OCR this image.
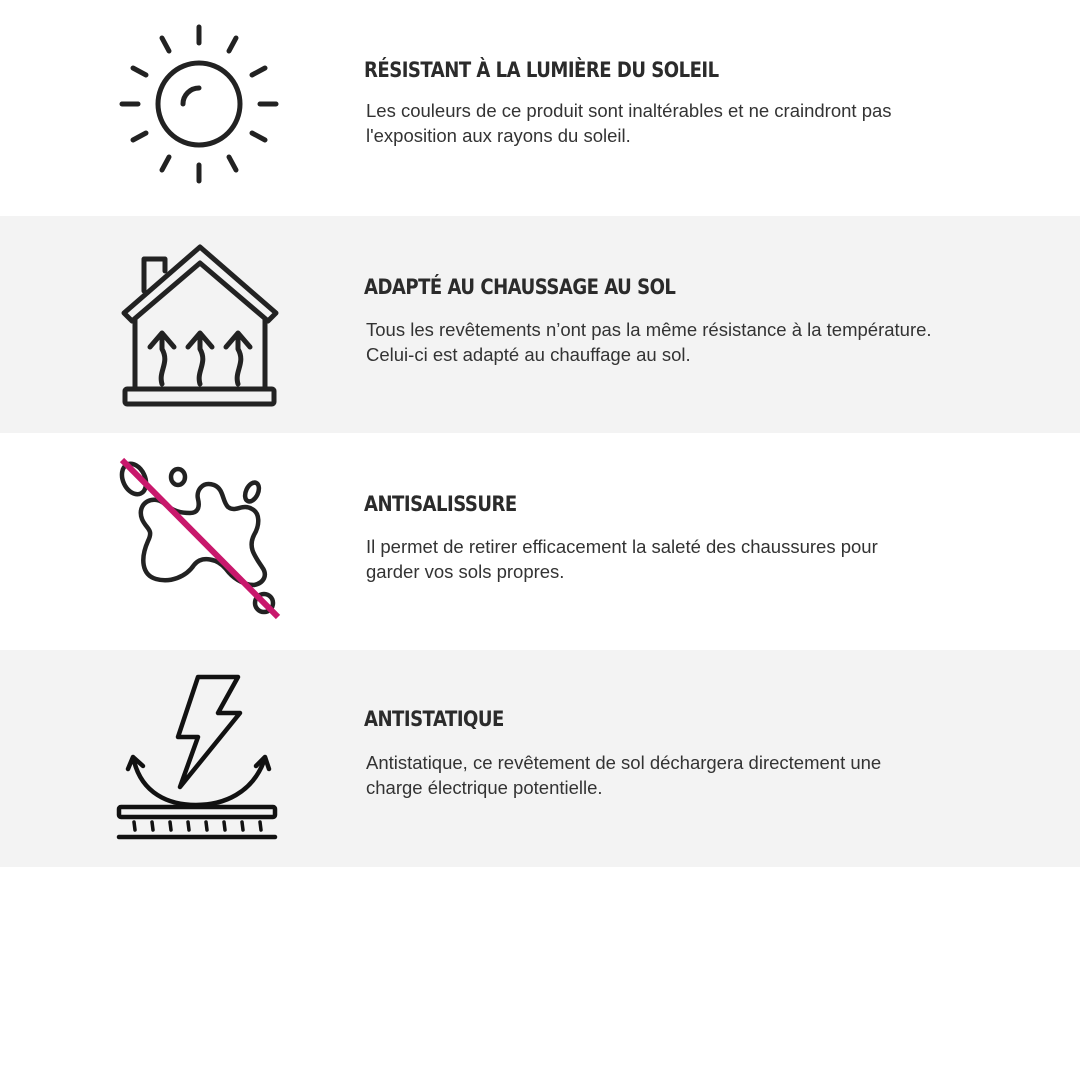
RÉSISTANT À LA LUMIÈRE DU SOLEIL

Les couleurs de ce produit sont inaltérables et ne craindront pas
l'exposition aux rayons du soleil.

ADAPTÉ AU CHAUSSAGE AU SOL

Tous les revêtements n’ont pas la même résistance à la température.
Celui-ci est adapté au chauffage au sol.

ANTISALISSURE

Il permet de retirer efficacement la saleté des chaussures pour
garder vos sols propres.

ANTISTATIQUE

Antistatique, ce revêtement de sol déchargera directement une
charge électrique potentielle.
